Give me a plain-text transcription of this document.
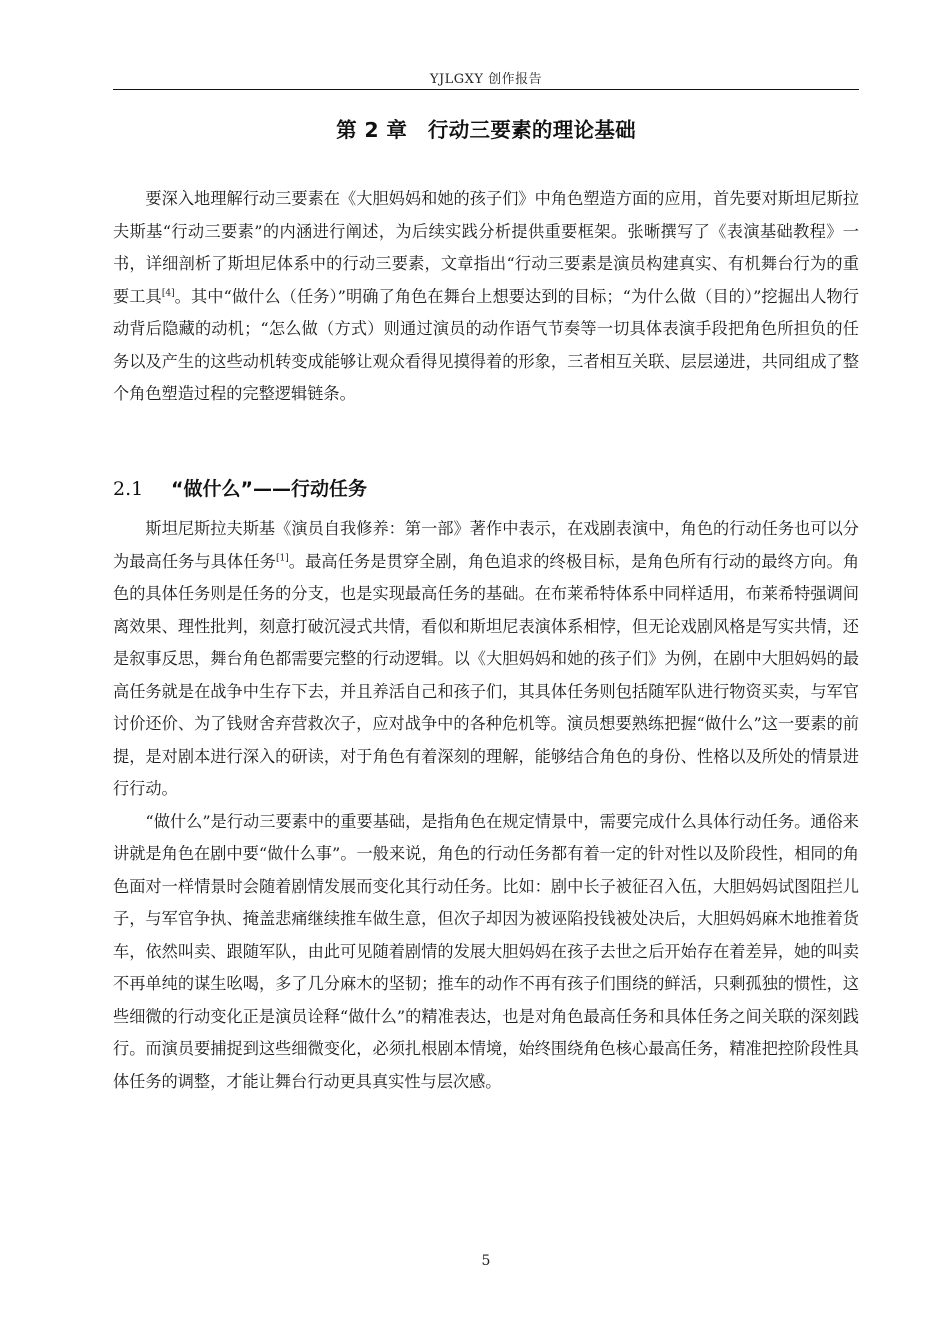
YJLGXY 创作报告
第 2 章　行动三要素的理论基础

要深入地理解行动三要素在《大胆妈妈和她的孩子们》中角色塑造方面的应用，首先要对斯坦尼斯拉夫斯基“行动三要素”的内涵进行阐述，为后续实践分析提供重要框架。张晰撰写了《表演基础教程》一书，详细剖析了斯坦尼体系中的行动三要素，文章指出“行动三要素是演员构建真实、有机舞台行为的重要工具[4]。其中“做什么（任务）”明确了角色在舞台上想要达到的目标；“为什么做（目的）”挖掘出人物行动背后隐藏的动机；“怎么做（方式）则通过演员的动作语气节奏等一切具体表演手段把角色所担负的任务以及产生的这些动机转变成能够让观众看得见摸得着的形象，三者相互关联、层层递进，共同组成了整个角色塑造过程的完整逻辑链条。

2.1 “做什么”——行动任务

斯坦尼斯拉夫斯基《演员自我修养：第一部》著作中表示，在戏剧表演中，角色的行动任务也可以分为最高任务与具体任务[1]。最高任务是贯穿全剧，角色追求的终极目标，是角色所有行动的最终方向。角色的具体任务则是任务的分支，也是实现最高任务的基础。在布莱希特体系中同样适用，布莱希特强调间离效果、理性批判，刻意打破沉浸式共情，看似和斯坦尼表演体系相悖，但无论戏剧风格是写实共情，还是叙事反思，舞台角色都需要完整的行动逻辑。以《大胆妈妈和她的孩子们》为例，在剧中大胆妈妈的最高任务就是在战争中生存下去，并且养活自己和孩子们，其具体任务则包括随军队进行物资买卖，与军官讨价还价、为了钱财舍弃营救次子，应对战争中的各种危机等。演员想要熟练把握“做什么”这一要素的前提，是对剧本进行深入的研读，对于角色有着深刻的理解，能够结合角色的身份、性格以及所处的情景进行行动。

“做什么”是行动三要素中的重要基础，是指角色在规定情景中，需要完成什么具体行动任务。通俗来讲就是角色在剧中要“做什么事”。一般来说，角色的行动任务都有着一定的针对性以及阶段性，相同的角色面对一样情景时会随着剧情发展而变化其行动任务。比如：剧中长子被征召入伍，大胆妈妈试图阻拦儿子，与军官争执、掩盖悲痛继续推车做生意，但次子却因为被诬陷投钱被处决后，大胆妈妈麻木地推着货车，依然叫卖、跟随军队，由此可见随着剧情的发展大胆妈妈在孩子去世之后开始存在着差异，她的叫卖不再单纯的谋生吆喝，多了几分麻木的坚韧；推车的动作不再有孩子们围绕的鲜活，只剩孤独的惯性，这些细微的行动变化正是演员诠释“做什么”的精准表达，也是对角色最高任务和具体任务之间关联的深刻践行。而演员要捕捉到这些细微变化，必须扎根剧本情境，始终围绕角色核心最高任务，精准把控阶段性具体任务的调整，才能让舞台行动更具真实性与层次感。

5
